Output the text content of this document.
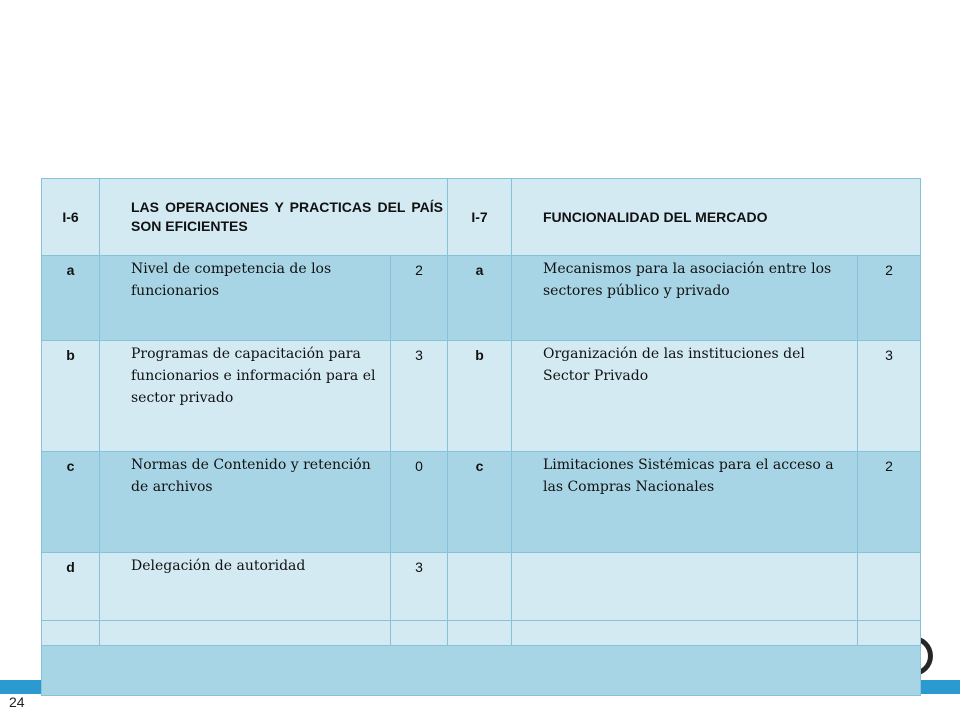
24
I-6	LAS OPERACIONES Y PRACTICAS DEL PAÍS SON EFICIENTES		I-7	FUNCIONALIDAD DEL MERCADO	
a	Nivel de competencia de los funcionarios	2	a	Mecanismos para la asociación entre los sectores público y privado	2
b	Programas de capacitación para funcionarios e información para el sector privado	3	b	Organización de las instituciones del Sector Privado	3
c	Normas de Contenido y retención de archivos	0	c	Limitaciones Sistémicas para el acceso a las Compras Nacionales	2
d	Delegación de autoridad	3			
